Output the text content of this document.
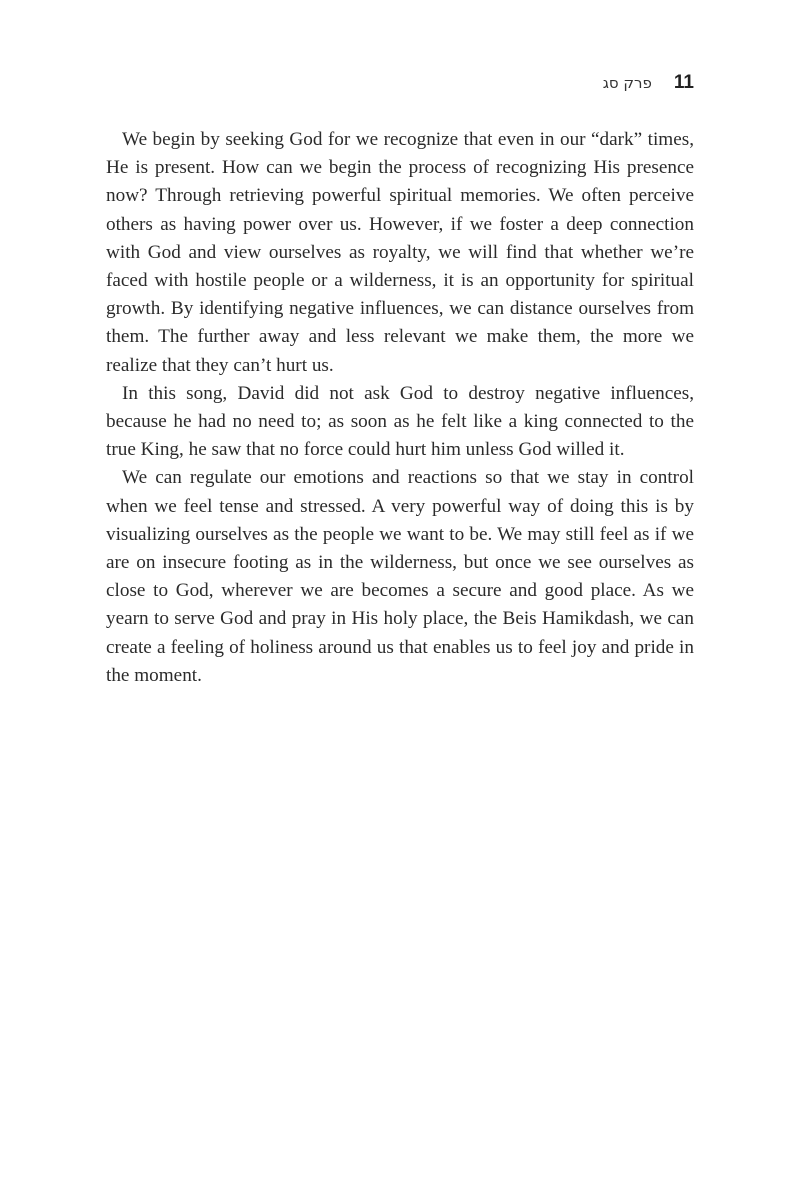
פרק סג 11

We begin by seeking God for we recognize that even in our “dark” times, He is present. How can we begin the process of recognizing His presence now? Through retrieving powerful spiritual memories. We often perceive others as having power over us. However, if we foster a deep connection with God and view ourselves as royalty, we will find that whether we’re faced with hostile people or a wilderness, it is an opportunity for spiritual growth. By identifying negative influences, we can distance ourselves from them. The further away and less relevant we make them, the more we realize that they can’t hurt us.

In this song, David did not ask God to destroy negative influences, because he had no need to; as soon as he felt like a king connected to the true King, he saw that no force could hurt him unless God willed it.

We can regulate our emotions and reactions so that we stay in control when we feel tense and stressed. A very powerful way of doing this is by visualizing ourselves as the people we want to be. We may still feel as if we are on insecure footing as in the wilderness, but once we see ourselves as close to God, wherever we are becomes a secure and good place. As we yearn to serve God and pray in His holy place, the Beis Hamikdash, we can create a feeling of holiness around us that enables us to feel joy and pride in the moment.
